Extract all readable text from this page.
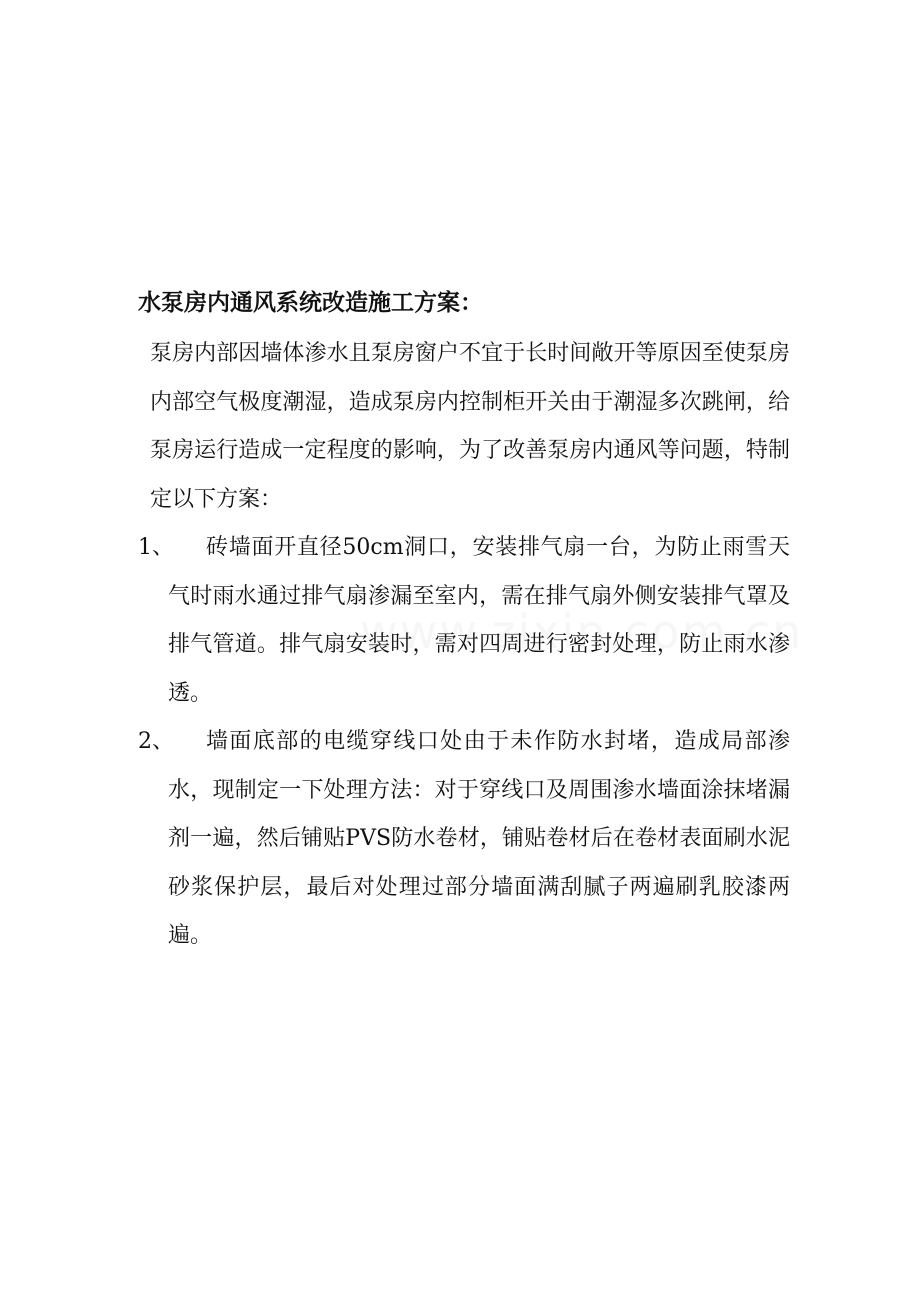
水泵房内通风系统改造施工方案：

泵房内部因墙体渗水且泵房窗户不宜于长时间敞开等原因至使泵房内部空气极度潮湿，造成泵房内控制柜开关由于潮湿多次跳闸，给泵房运行造成一定程度的影响，为了改善泵房内通风等问题，特制定以下方案：

1、	砖墙面开直径50cm洞口，安装排气扇一台，为防止雨雪天气时雨水通过排气扇渗漏至室内，需在排气扇外侧安装排气罩及排气管道。排气扇安装时，需对四周进行密封处理，防止雨水渗透。

2、	墙面底部的电缆穿线口处由于未作防水封堵，造成局部渗水，现制定一下处理方法：对于穿线口及周围渗水墙面涂抹堵漏剂一遍，然后铺贴PVS防水卷材，铺贴卷材后在卷材表面刷水泥砂浆保护层，最后对处理过部分墙面满刮腻子两遍刷乳胶漆两遍。
